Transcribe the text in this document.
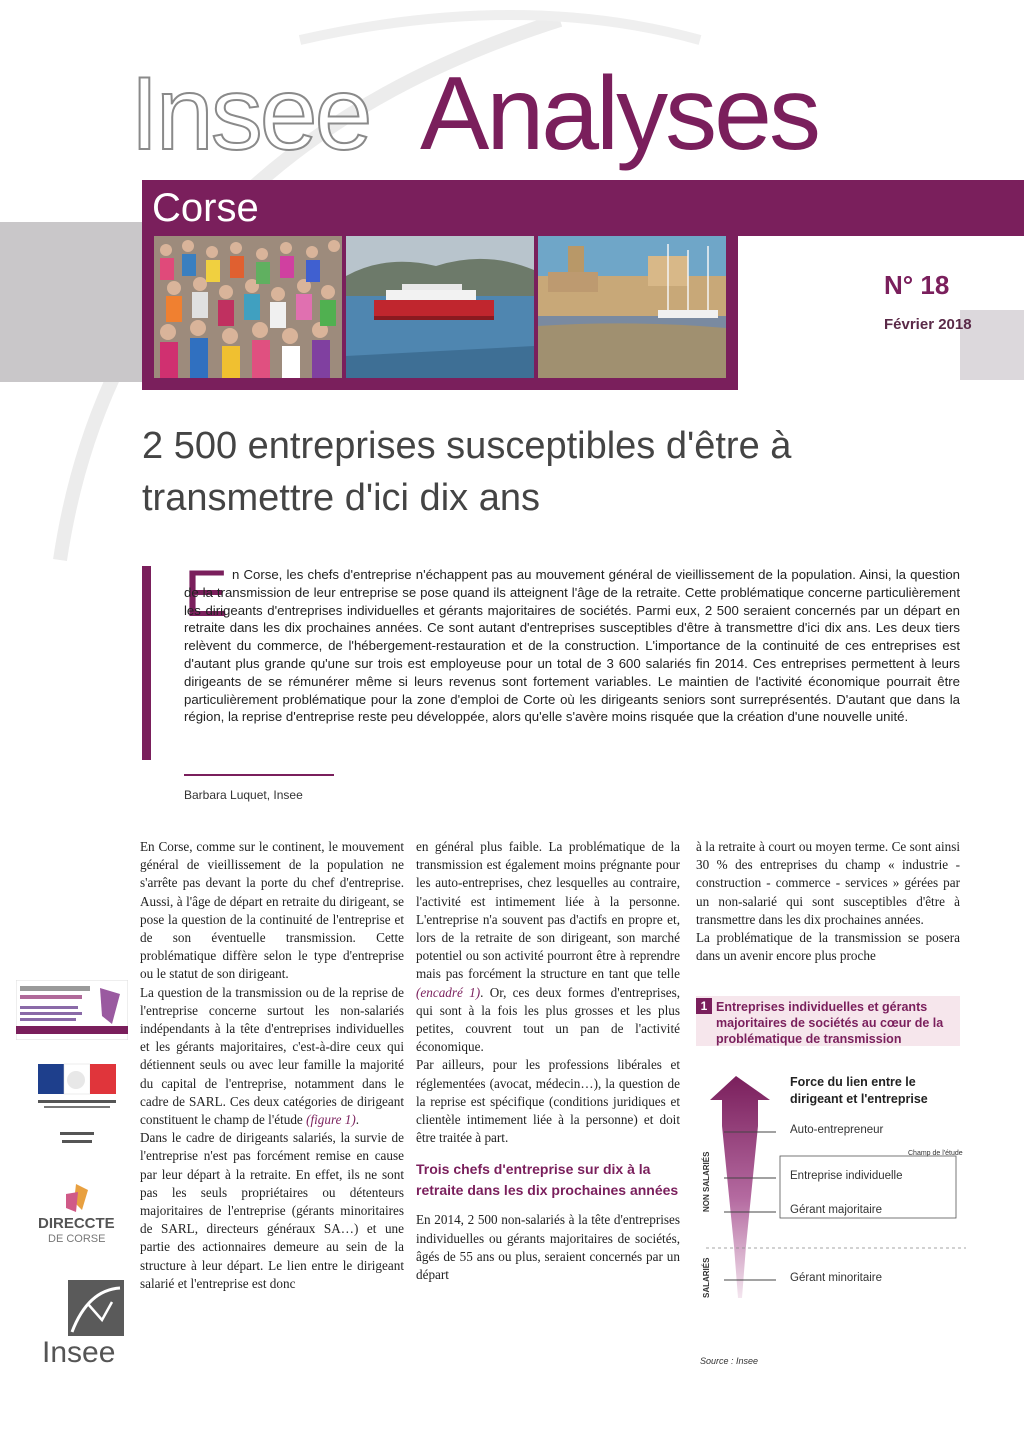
Insee Analyses
Corse
N° 18
Février 2018
2 500 entreprises susceptibles d'être à
transmettre d'ici dix ans
E n Corse, les chefs d'entreprise n'échappent pas au mouvement général de vieillissement de la population. Ainsi, la question de la transmission de leur entreprise se pose quand ils atteignent l'âge de la retraite. Cette problématique concerne particulièrement les dirigeants d'entreprises individuelles et gérants majoritaires de sociétés. Parmi eux, 2 500 seraient concernés par un départ en retraite dans les dix prochaines années. Ce sont autant d'entreprises susceptibles d'être à transmettre d'ici dix ans. Les deux tiers relèvent du commerce, de l'hébergement-restauration et de la construction. L'importance de la continuité de ces entreprises est d'autant plus grande qu'une sur trois est employeuse pour un total de 3 600 salariés fin 2014. Ces entreprises permettent à leurs dirigeants de se rémunérer même si leurs revenus sont fortement variables. Le maintien de l'activité économique pourrait être particulièrement problématique pour la zone d'emploi de Corte où les dirigeants seniors sont surreprésentés. D'autant que dans la région, la reprise d'entreprise reste peu développée, alors qu'elle s'avère moins risquée que la création d'une nouvelle unité.

Barbara Luquet, Insee

En Corse, comme sur le continent, le mouvement général de vieillissement de la population ne s'arrête pas devant la porte du chef d'entreprise. Aussi, à l'âge de départ en retraite du dirigeant, se pose la question de la continuité de l'entreprise et de son éventuelle transmission. Cette problématique diffère selon le type d'entreprise ou le statut de son dirigeant.

La question de la transmission ou de la reprise de l'entreprise concerne surtout les non-salariés indépendants à la tête d'entreprises individuelles et les gérants majoritaires, c'est-à-dire ceux qui détiennent seuls ou avec leur famille la majorité du capital de l'entreprise, notamment dans le cadre de SARL. Ces deux catégories de dirigeant constituent le champ de l'étude (figure 1).

Dans le cadre de dirigeants salariés, la survie de l'entreprise n'est pas forcément remise en cause par leur départ à la retraite. En effet, ils ne sont pas les seuls propriétaires ou détenteurs majoritaires de l'entreprise (gérants minoritaires de SARL, directeurs généraux SA…) et une partie des actionnaires demeure au sein de la structure à leur départ. Le lien entre le dirigeant salarié et l'entreprise est donc

en général plus faible. La problématique de la transmission est également moins prégnante pour les auto-entreprises, chez lesquelles au contraire, l'activité est intimement liée à la personne. L'entreprise n'a souvent pas d'actifs en propre et, lors de la retraite de son dirigeant, son marché potentiel ou son activité pourront être à reprendre mais pas forcément la structure en tant que telle (encadré 1). Or, ces deux formes d'entreprises, qui sont à la fois les plus grosses et les plus petites, couvrent tout un pan de l'activité économique.

Par ailleurs, pour les professions libérales et réglementées (avocat, médecin…), la question de la reprise est spécifique (conditions juridiques et clientèle intimement liée à la personne) et doit être traitée à part.

Trois chefs d'entreprise sur dix à la retraite dans les dix prochaines années

En 2014, 2 500 non-salariés à la tête d'entreprises individuelles ou gérants majoritaires de sociétés, âgés de 55 ans ou plus, seraient concernés par un départ

à la retraite à court ou moyen terme. Ce sont ainsi 30 % des entreprises du champ « industrie - construction - commerce - services » gérées par un non-salarié qui sont susceptibles d'être à transmettre dans les dix prochaines années.

La problématique de la transmission se posera dans un avenir encore plus proche

1 Entreprises individuelles et gérants majoritaires de sociétés au cœur de la problématique de transmission
Force du lien entre le dirigeant et l'entreprise
Auto-entrepreneur
Champ de l'étude
Entreprise individuelle
Gérant majoritaire
Gérant minoritaire
NON SALARIÉS
SALARIÉS
Source : Insee
DIRECCTE
DE CORSE
Insee
